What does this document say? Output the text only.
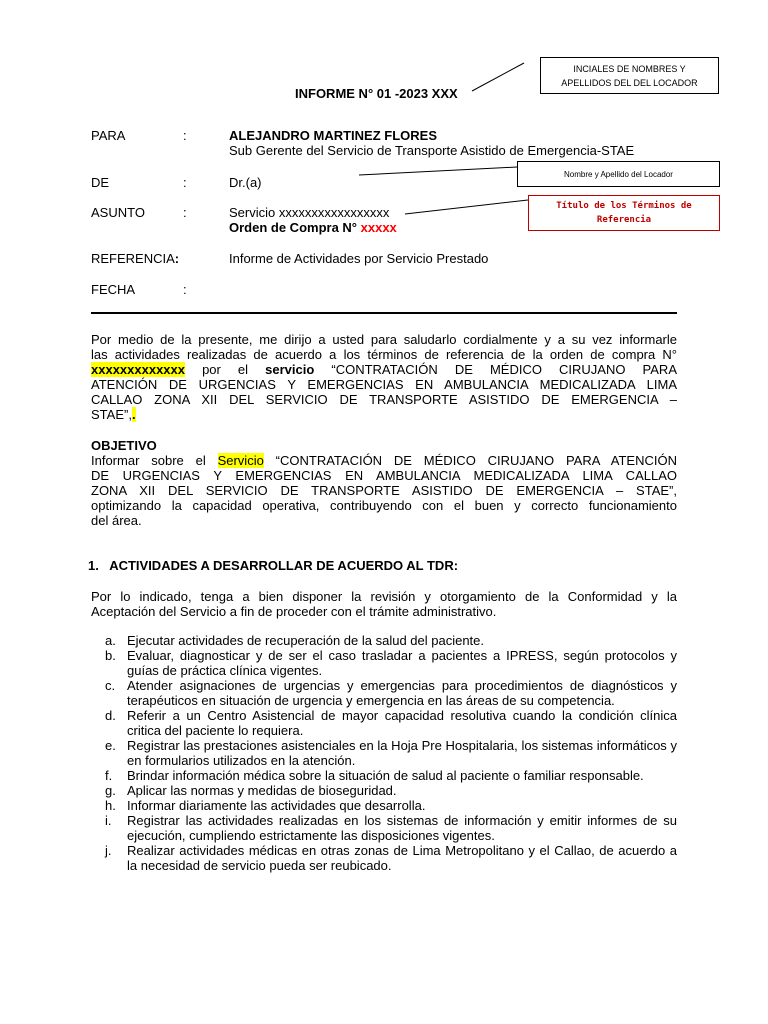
INCIALES DE NOMBRES Y APELLIDOS DEL DEL LOCADOR
Nombre y Apellido del Locador
Título de los Términos de Referencia
INFORME N° 01 -2023 XXX
PARA	:	ALEJANDRO MARTINEZ FLORES
Sub Gerente del Servicio de Transporte Asistido de Emergencia-STAE
DE	:	Dr.(a)
ASUNTO	:	Servicio xxxxxxxxxxxxxxxxx
Orden de Compra N° xxxxx
REFERENCIA:	Informe de Actividades por Servicio Prestado
FECHA	:
Por medio de la presente, me dirijo a usted para saludarlo cordialmente y a su vez informarle
las actividades realizadas de acuerdo a los términos de referencia de la orden de compra N°
xxxxxxxxxxxxx por el servicio “CONTRATACIÓN DE MÉDICO CIRUJANO PARA
ATENCIÓN DE URGENCIAS Y EMERGENCIAS EN AMBULANCIA MEDICALIZADA LIMA
CALLAO ZONA XII DEL SERVICIO DE TRANSPORTE ASISTIDO DE EMERGENCIA –
STAE”,.
OBJETIVO
Informar sobre el Servicio “CONTRATACIÓN DE MÉDICO CIRUJANO PARA ATENCIÓN
DE URGENCIAS Y EMERGENCIAS EN AMBULANCIA MEDICALIZADA LIMA CALLAO
ZONA XII DEL SERVICIO DE TRANSPORTE ASISTIDO DE EMERGENCIA – STAE”,
optimizando la capacidad operativa, contribuyendo con el buen y correcto funcionamiento
del área.
1.   ACTIVIDADES A DESARROLLAR DE ACUERDO AL TDR:
Por lo indicado, tenga a bien disponer la revisión y otorgamiento de la Conformidad y la
Aceptación del Servicio a fin de proceder con el trámite administrativo.
a. Ejecutar actividades de recuperación de la salud del paciente.
b. Evaluar, diagnosticar y de ser el caso trasladar a pacientes a IPRESS, según protocolos y guías de práctica clínica vigentes.
c. Atender asignaciones de urgencias y emergencias para procedimientos de diagnósticos y terapéuticos en situación de urgencia y emergencia en las áreas de su competencia.
d. Referir a un Centro Asistencial de mayor capacidad resolutiva cuando la condición clínica critica del paciente lo requiera.
e. Registrar las prestaciones asistenciales en la Hoja Pre Hospitalaria, los sistemas informáticos y en formularios utilizados en la atención.
f. Brindar información médica sobre la situación de salud al paciente o familiar responsable.
g. Aplicar las normas y medidas de bioseguridad.
h. Informar diariamente las actividades que desarrolla.
i. Registrar las actividades realizadas en los sistemas de información y emitir informes de su ejecución, cumpliendo estrictamente las disposiciones vigentes.
j. Realizar actividades médicas en otras zonas de Lima Metropolitano y el Callao, de acuerdo a la necesidad de servicio pueda ser reubicado.
